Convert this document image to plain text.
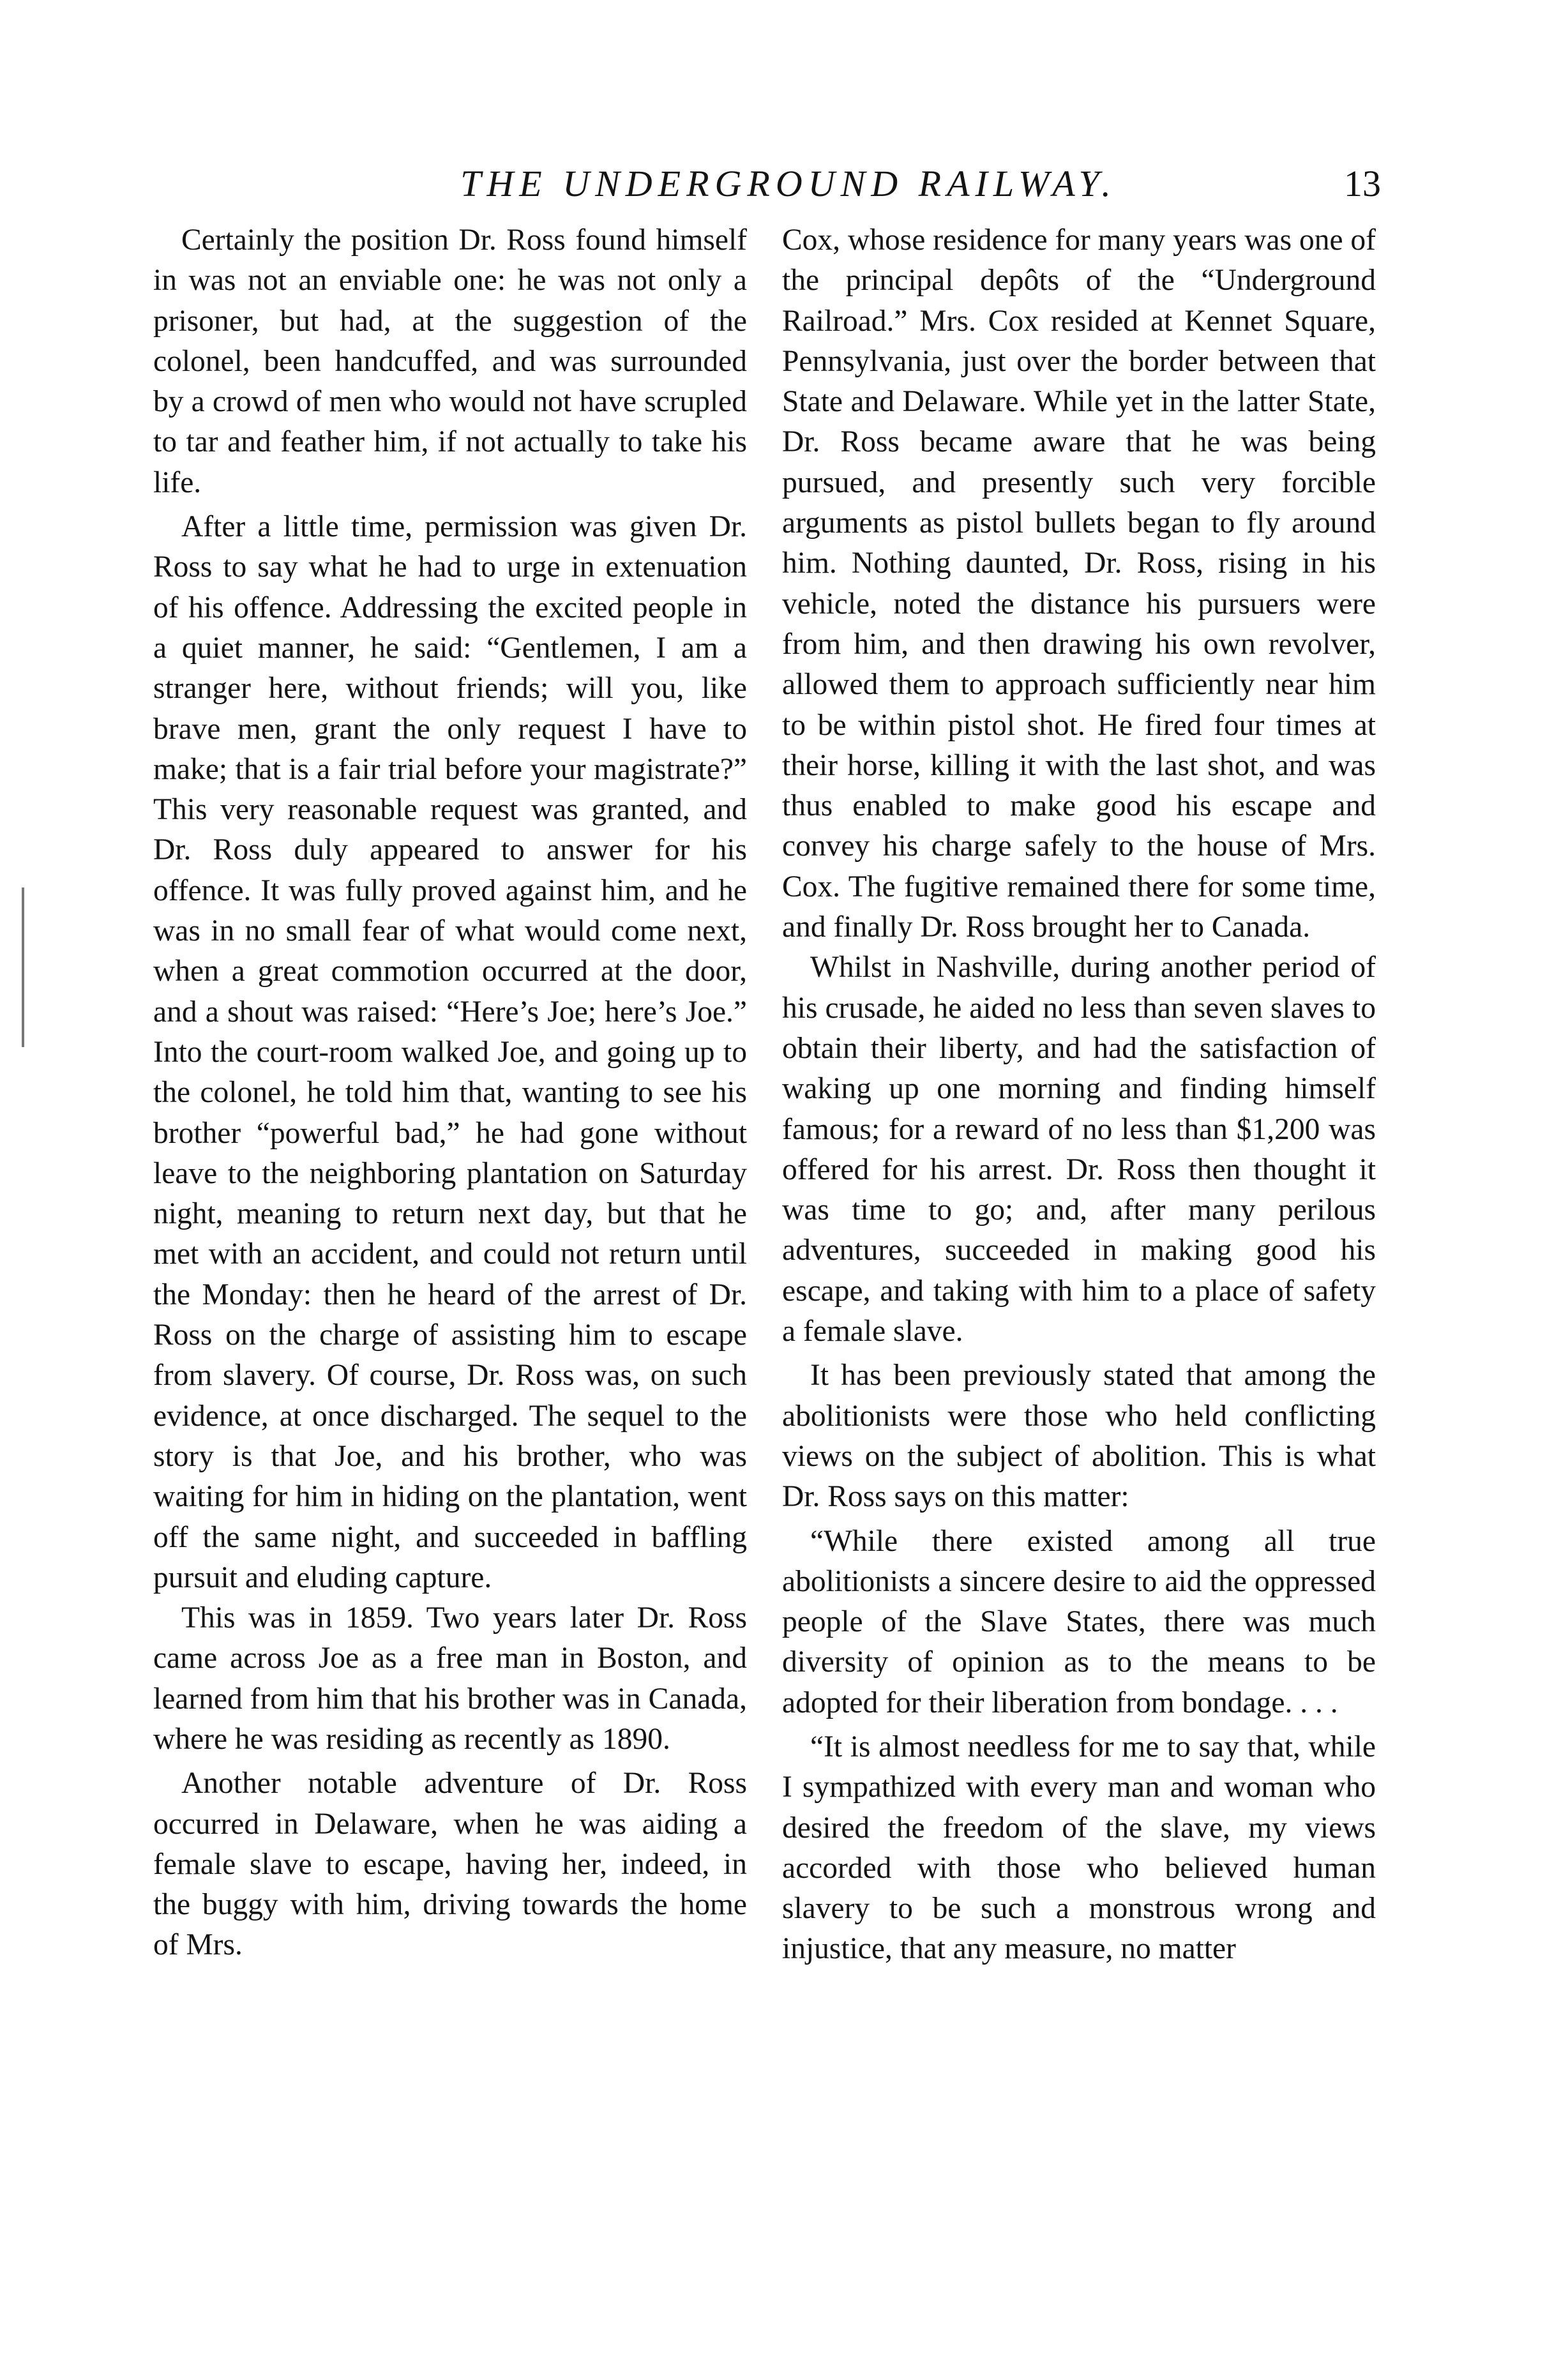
THE UNDERGROUND RAILWAY.	13

Certainly the position Dr. Ross found himself in was not an enviable one: he was not only a prisoner, but had, at the suggestion of the colonel, been handcuffed, and was surrounded by a crowd of men who would not have scrupled to tar and feather him, if not actually to take his life.

After a little time, permission was given Dr. Ross to say what he had to urge in extenuation of his offence. Addressing the excited people in a quiet manner, he said: “Gentlemen, I am a stranger here, without friends; will you, like brave men, grant the only request I have to make; that is a fair trial before your magistrate?” This very reasonable request was granted, and Dr. Ross duly appeared to answer for his offence. It was fully proved against him, and he was in no small fear of what would come next, when a great commotion occurred at the door, and a shout was raised: “Here’s Joe; here’s Joe.” Into the court-room walked Joe, and going up to the colonel, he told him that, wanting to see his brother “powerful bad,” he had gone without leave to the neighboring plantation on Saturday night, meaning to return next day, but that he met with an accident, and could not return until the Monday: then he heard of the arrest of Dr. Ross on the charge of assisting him to escape from slavery. Of course, Dr. Ross was, on such evidence, at once discharged. The sequel to the story is that Joe, and his brother, who was waiting for him in hiding on the plantation, went off the same night, and succeeded in baffling pursuit and eluding capture.

This was in 1859. Two years later Dr. Ross came across Joe as a free man in Boston, and learned from him that his brother was in Canada, where he was residing as recently as 1890.

Another notable adventure of Dr. Ross occurred in Delaware, when he was aiding a female slave to escape, having her, indeed, in the buggy with him, driving towards the home of Mrs.

Cox, whose residence for many years was one of the principal depôts of the “Underground Railroad.” Mrs. Cox resided at Kennet Square, Pennsylvania, just over the border between that State and Delaware. While yet in the latter State, Dr. Ross became aware that he was being pursued, and presently such very forcible arguments as pistol bullets began to fly around him. Nothing daunted, Dr. Ross, rising in his vehicle, noted the distance his pursuers were from him, and then drawing his own revolver, allowed them to approach sufficiently near him to be within pistol shot. He fired four times at their horse, killing it with the last shot, and was thus enabled to make good his escape and convey his charge safely to the house of Mrs. Cox. The fugitive remained there for some time, and finally Dr. Ross brought her to Canada.

Whilst in Nashville, during another period of his crusade, he aided no less than seven slaves to obtain their liberty, and had the satisfaction of waking up one morning and finding himself famous; for a reward of no less than $1,200 was offered for his arrest. Dr. Ross then thought it was time to go; and, after many perilous adventures, succeeded in making good his escape, and taking with him to a place of safety a female slave.

It has been previously stated that among the abolitionists were those who held conflicting views on the subject of abolition. This is what Dr. Ross says on this matter:

“While there existed among all true abolitionists a sincere desire to aid the oppressed people of the Slave States, there was much diversity of opinion as to the means to be adopted for their liberation from bondage. . . .

“It is almost needless for me to say that, while I sympathized with every man and woman who desired the freedom of the slave, my views accorded with those who believed human slavery to be such a monstrous wrong and injustice, that any measure, no matter
